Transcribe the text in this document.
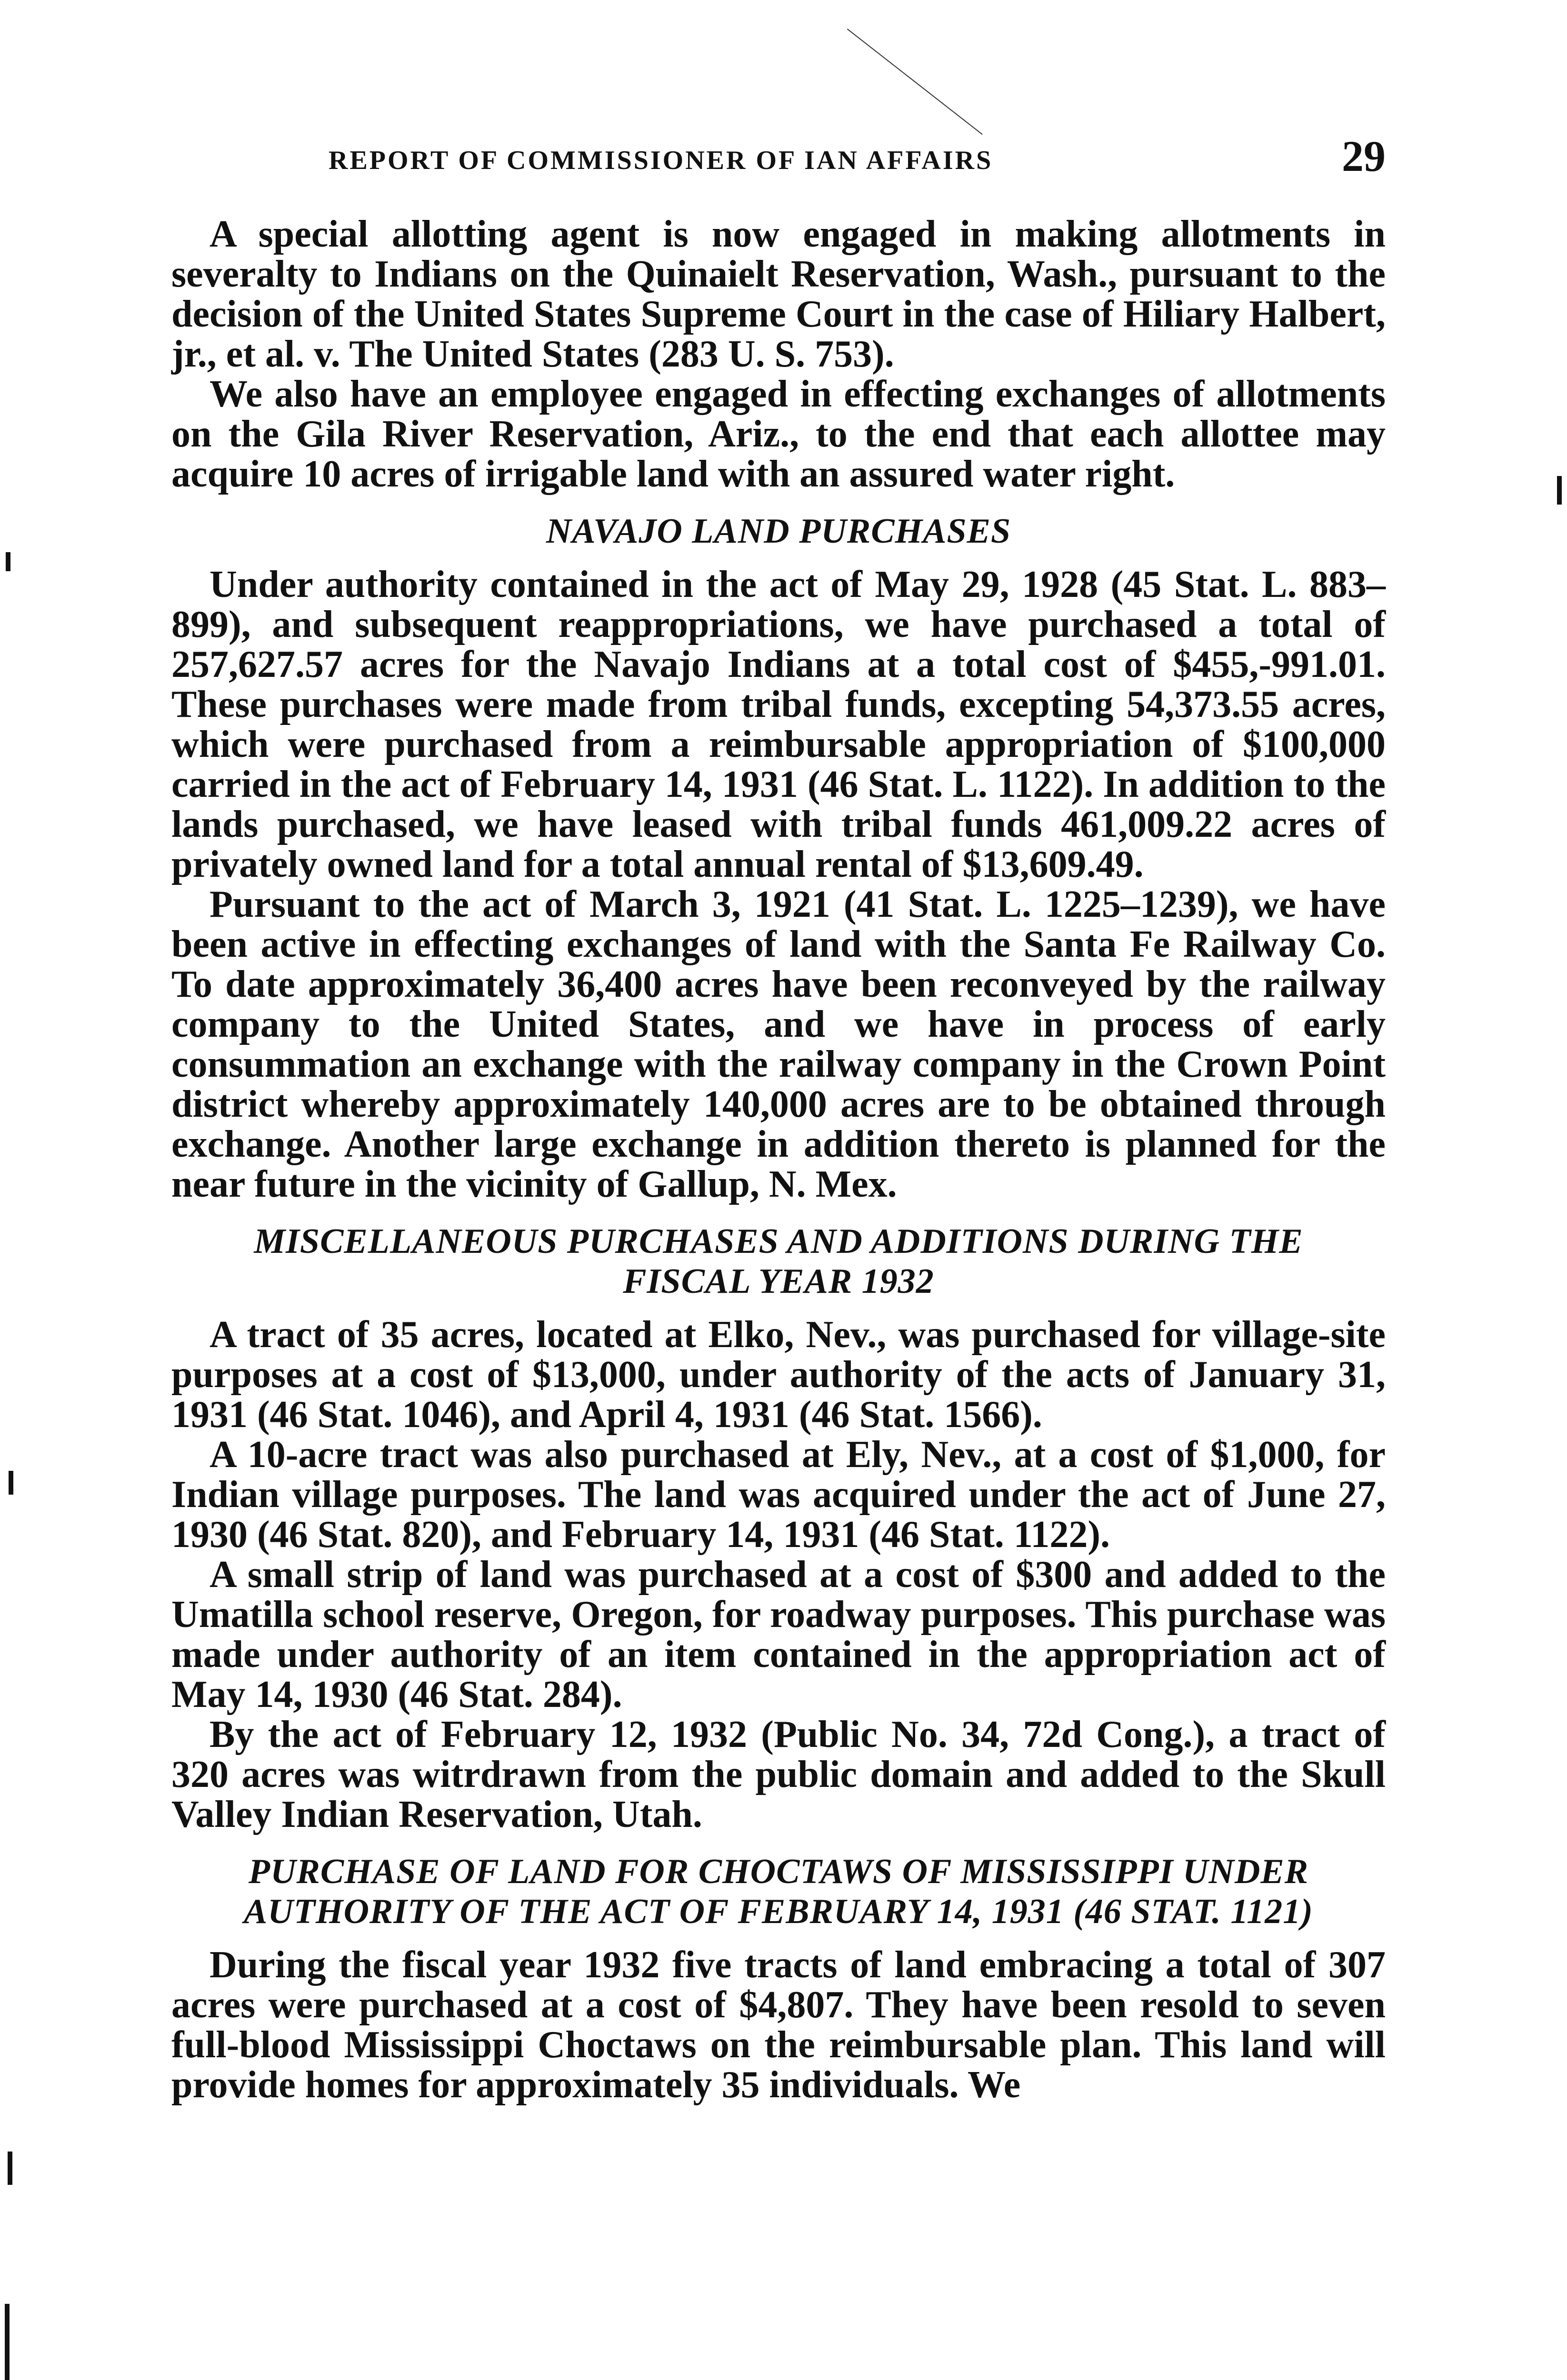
REPORT OF COMMISSIONER OF IAN AFFAIRS	29

A special allotting agent is now engaged in making allotments in severalty to Indians on the Quinaielt Reservation, Wash., pursuant to the decision of the United States Supreme Court in the case of Hiliary Halbert, jr., et al. v. The United States (283 U. S. 753).

We also have an employee engaged in effecting exchanges of allotments on the Gila River Reservation, Ariz., to the end that each allottee may acquire 10 acres of irrigable land with an assured water right.

NAVAJO LAND PURCHASES

Under authority contained in the act of May 29, 1928 (45 Stat. L. 883–899), and subsequent reappropriations, we have purchased a total of 257,627.57 acres for the Navajo Indians at a total cost of $455,-991.01. These purchases were made from tribal funds, excepting 54,373.55 acres, which were purchased from a reimbursable appropriation of $100,000 carried in the act of February 14, 1931 (46 Stat. L. 1122). In addition to the lands purchased, we have leased with tribal funds 461,009.22 acres of privately owned land for a total annual rental of $13,609.49.

Pursuant to the act of March 3, 1921 (41 Stat. L. 1225–1239), we have been active in effecting exchanges of land with the Santa Fe Railway Co. To date approximately 36,400 acres have been reconveyed by the railway company to the United States, and we have in process of early consummation an exchange with the railway company in the Crown Point district whereby approximately 140,000 acres are to be obtained through exchange. Another large exchange in addition thereto is planned for the near future in the vicinity of Gallup, N. Mex.

MISCELLANEOUS PURCHASES AND ADDITIONS DURING THE
FISCAL YEAR 1932

A tract of 35 acres, located at Elko, Nev., was purchased for village-site purposes at a cost of $13,000, under authority of the acts of January 31, 1931 (46 Stat. 1046), and April 4, 1931 (46 Stat. 1566).

A 10-acre tract was also purchased at Ely, Nev., at a cost of $1,000, for Indian village purposes. The land was acquired under the act of June 27, 1930 (46 Stat. 820), and February 14, 1931 (46 Stat. 1122).

A small strip of land was purchased at a cost of $300 and added to the Umatilla school reserve, Oregon, for roadway purposes. This purchase was made under authority of an item contained in the appropriation act of May 14, 1930 (46 Stat. 284).

By the act of February 12, 1932 (Public No. 34, 72d Cong.), a tract of 320 acres was witrdrawn from the public domain and added to the Skull Valley Indian Reservation, Utah.

PURCHASE OF LAND FOR CHOCTAWS OF MISSISSIPPI UNDER
AUTHORITY OF THE ACT OF FEBRUARY 14, 1931 (46 STAT. 1121)

During the fiscal year 1932 five tracts of land embracing a total of 307 acres were purchased at a cost of $4,807. They have been resold to seven full-blood Mississippi Choctaws on the reimbursable plan. This land will provide homes for approximately 35 individuals. We
